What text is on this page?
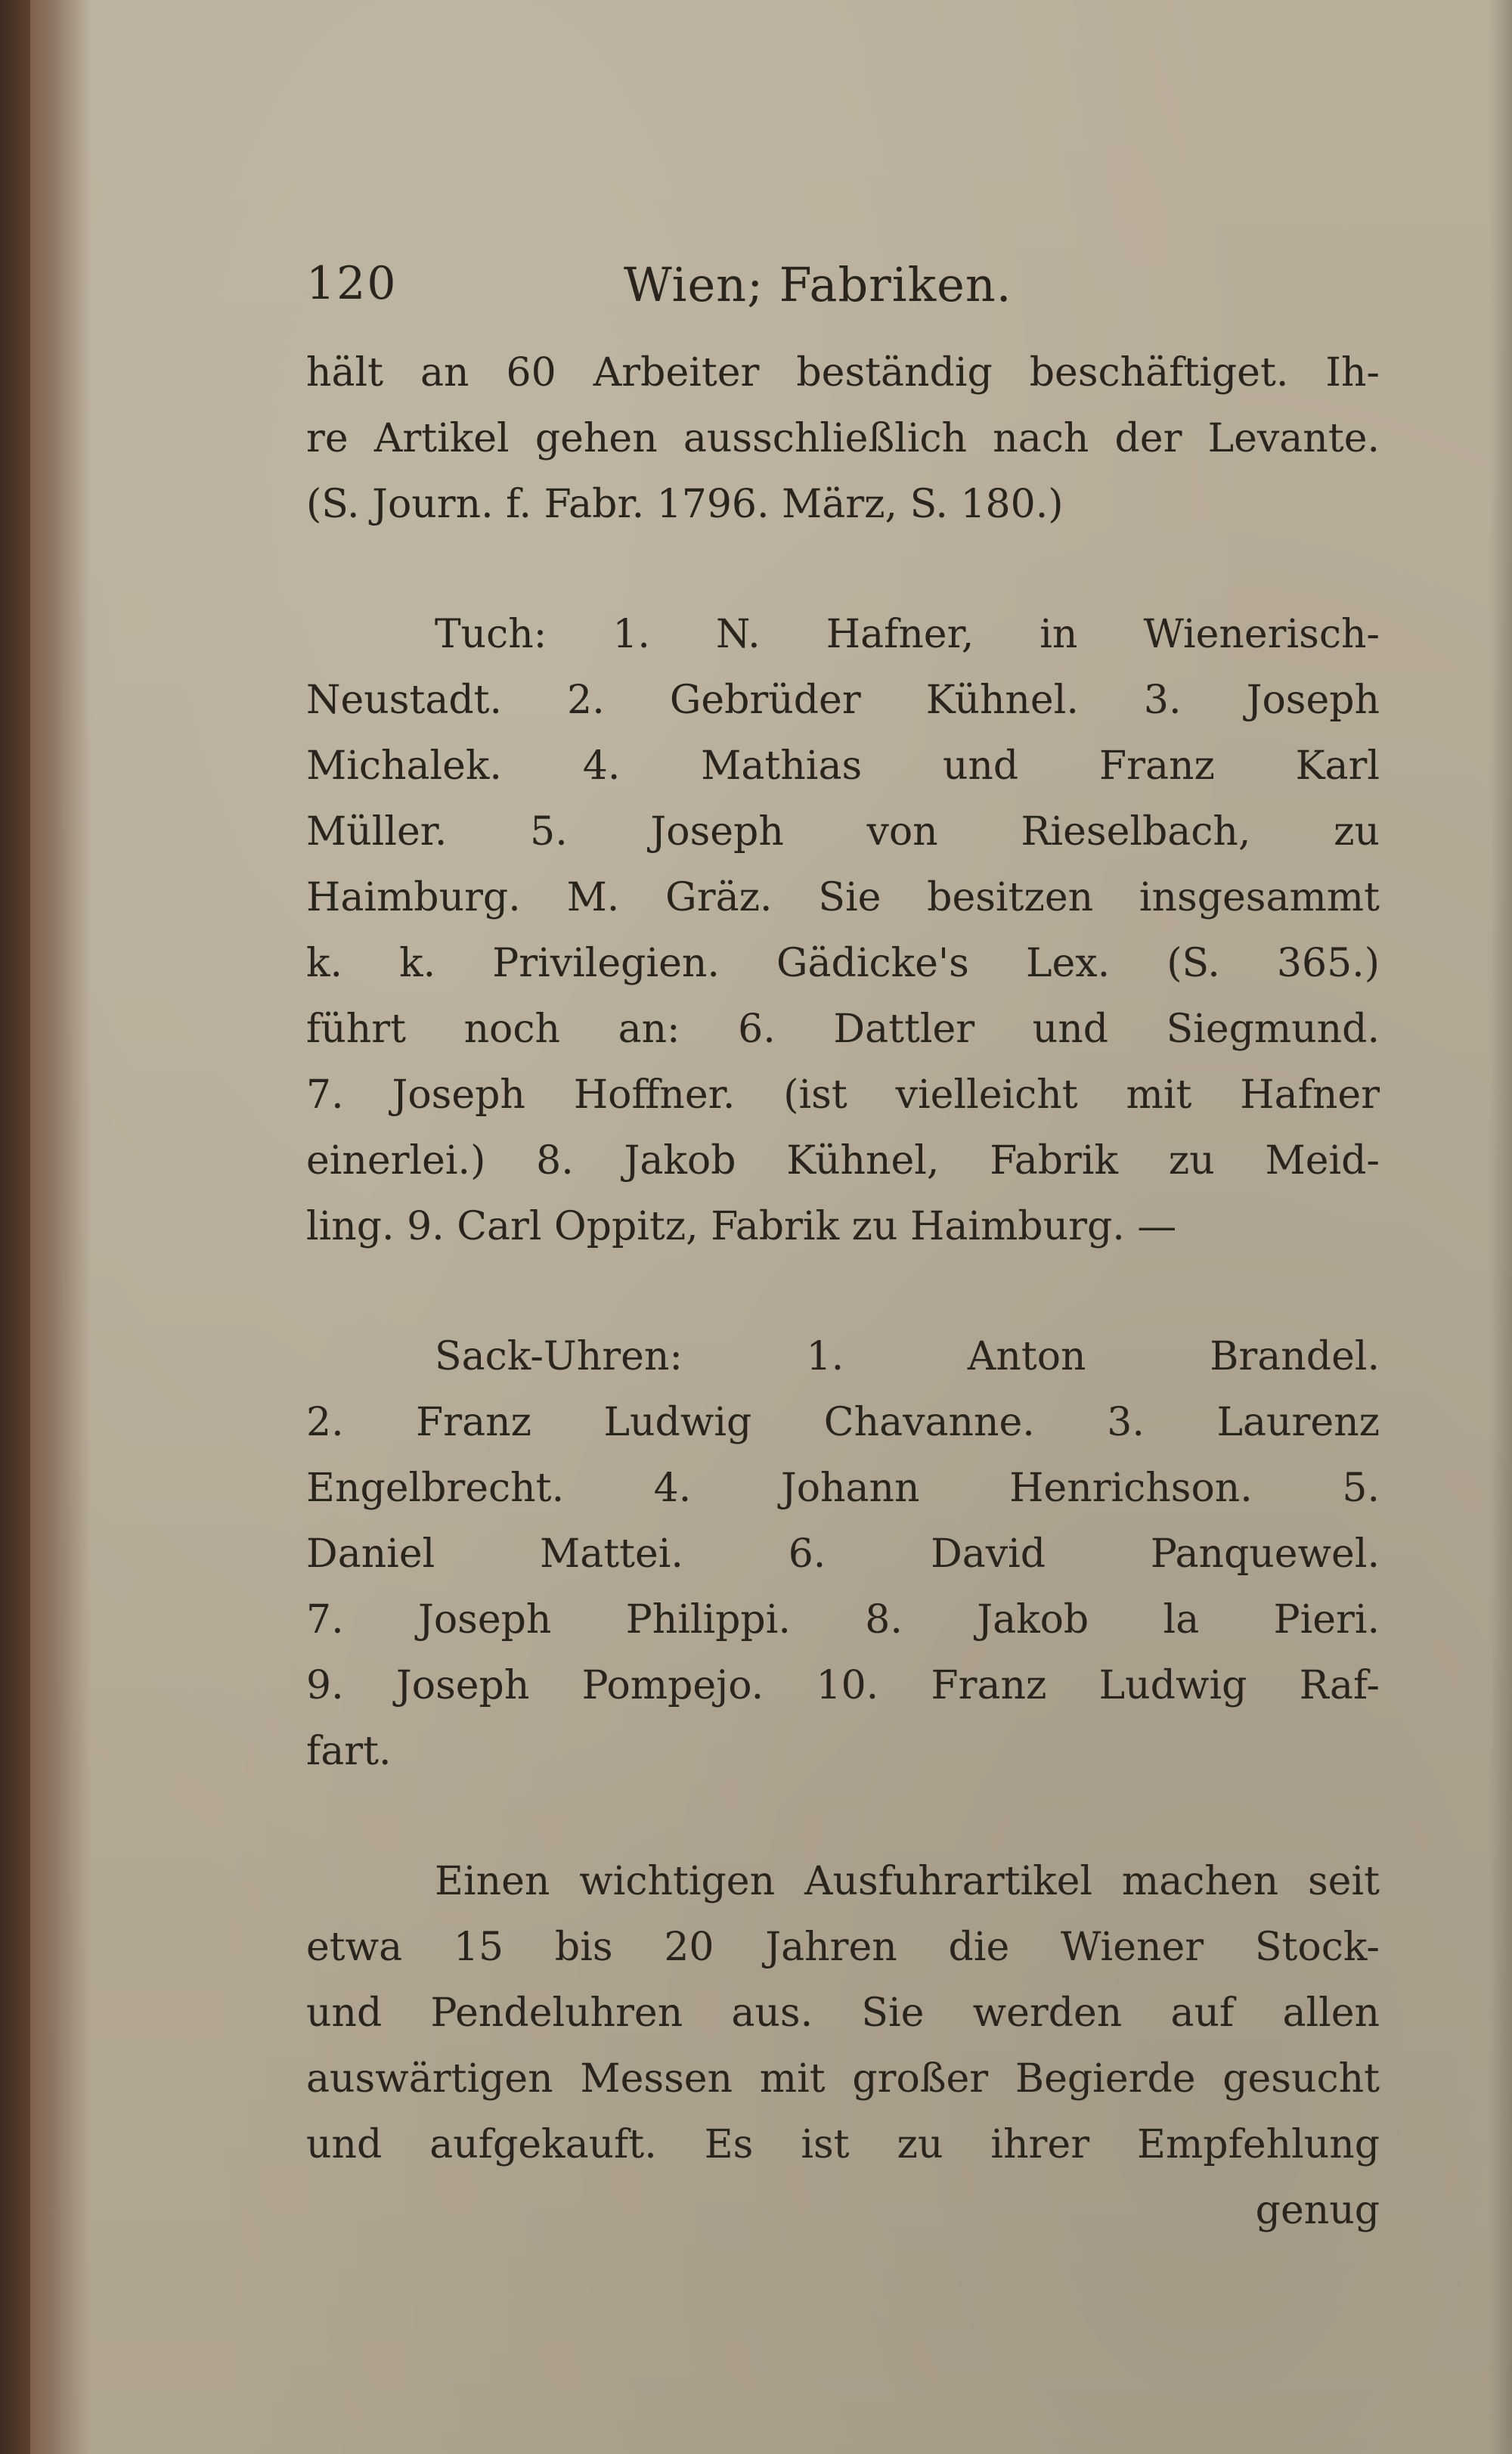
120	Wien; Fabriken.

hält an 60 Arbeiter beständig beschäftiget. Ih-
re Artikel gehen ausschließlich nach der Levante.
(S. Journ. f. Fabr. 1796. März, S. 180.)

Tuch: 1. N. Hafner, in Wienerisch-
Neustadt. 2. Gebrüder Kühnel. 3. Joseph
Michalek. 4. Mathias und Franz Karl
Müller. 5. Joseph von Rieselbach, zu
Haimburg. M. Gräz. Sie besitzen insgesammt
k. k. Privilegien. Gädicke's Lex. (S. 365.)
führt noch an: 6. Dattler und Siegmund.
7. Joseph Hoffner. (ist vielleicht mit Hafner
einerlei.) 8. Jakob Kühnel, Fabrik zu Meid-
ling. 9. Carl Oppitz, Fabrik zu Haimburg. —

Sack-Uhren: 1. Anton Brandel.
2. Franz Ludwig Chavanne. 3. Laurenz
Engelbrecht. 4. Johann Henrichson. 5.
Daniel Mattei. 6. David Panquewel.
7. Joseph Philippi. 8. Jakob la Pieri.
9. Joseph Pompejo. 10. Franz Ludwig Raf-
fart.

Einen wichtigen Ausfuhrartikel machen seit
etwa 15 bis 20 Jahren die Wiener Stock-
und Pendeluhren aus. Sie werden auf allen
auswärtigen Messen mit großer Begierde gesucht
und aufgekauft. Es ist zu ihrer Empfehlung
genug
